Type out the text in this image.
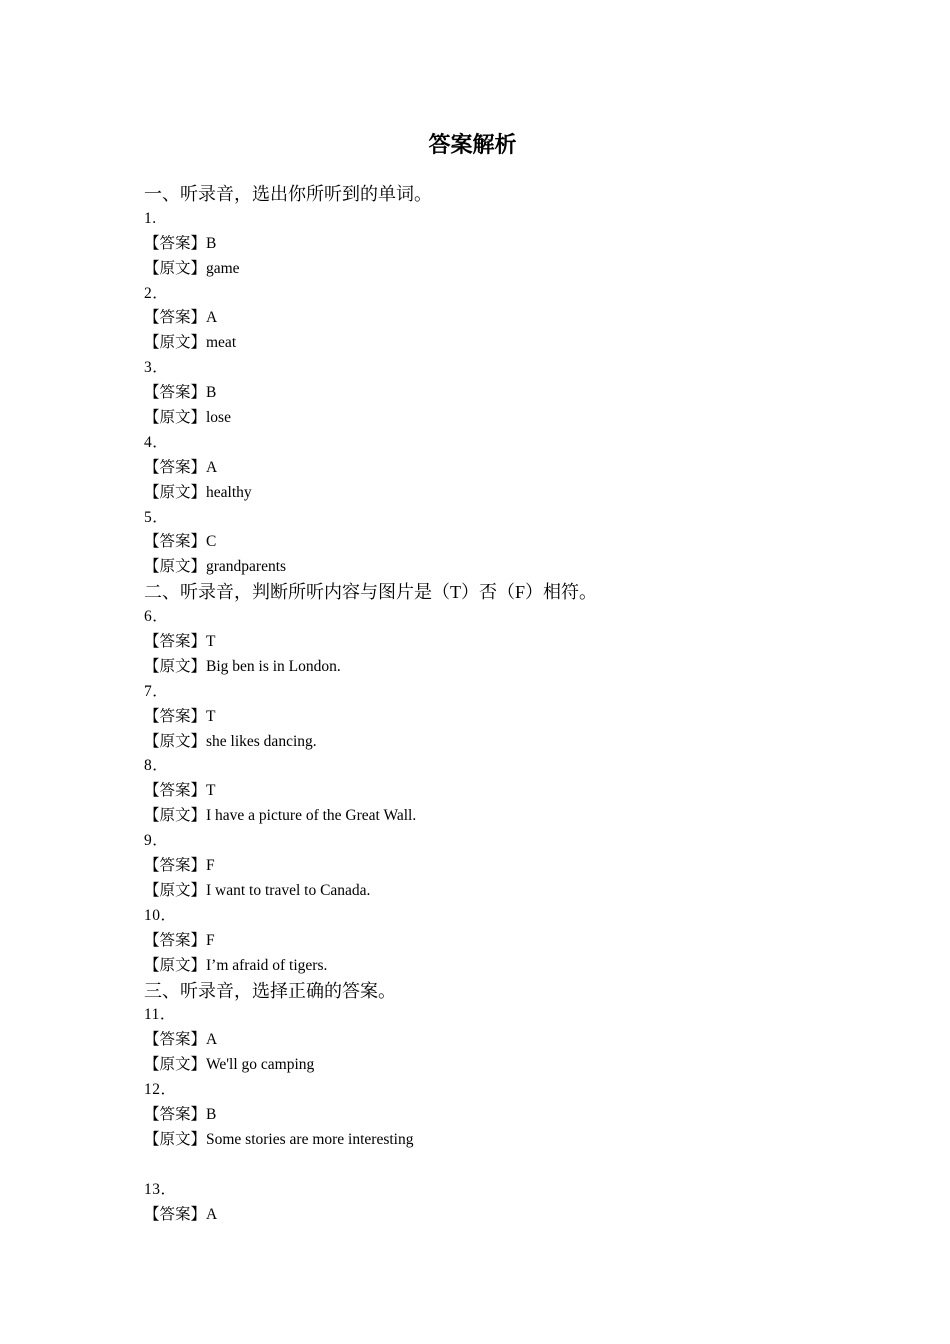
答案解析
一、听录音，选出你所听到的单词。
1.
【答案】B
【原文】game
2．
【答案】A
【原文】meat
3．
【答案】B
【原文】lose
4．
【答案】A
【原文】healthy
5．
【答案】C
【原文】grandparents
二、听录音，判断所听内容与图片是（T）否（F）相符。
6．
【答案】T
【原文】Big ben is in London.
7．
【答案】T
【原文】she likes dancing.
8．
【答案】T
【原文】I have a picture of the Great Wall.
9．
【答案】F
【原文】I want to travel to Canada.
10．
【答案】F
【原文】I’m afraid of tigers.
三、听录音，选择正确的答案。
11．
【答案】A
【原文】We'll go camping
12．
【答案】B
【原文】Some stories are more interesting
13．
【答案】A
